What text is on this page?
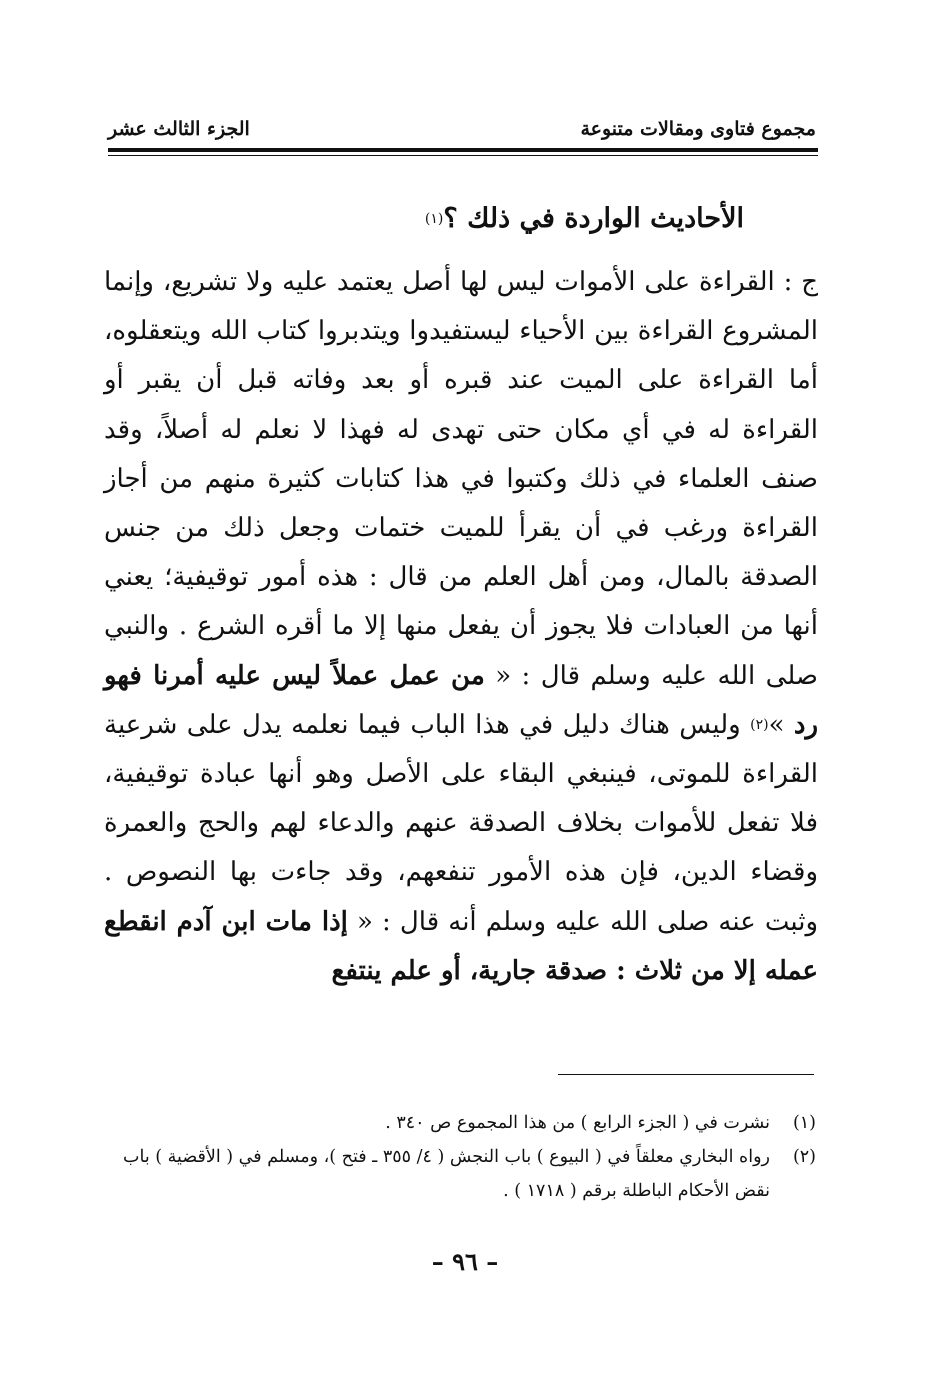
مجموع فتاوى ومقالات متنوعة
الجزء الثالث عشر
الأحاديث الواردة في ذلك ؟$^{(١)}$

ج : القراءة على الأموات ليس لها أصل يعتمد عليه ولا تشريع، وإنما المشروع القراءة بين الأحياء ليستفيدوا ويتدبروا كتاب الله ويتعقلوه، أما القراءة على الميت عند قبره أو بعد وفاته قبل أن يقبر أو القراءة له في أي مكان حتى تهدى له فهذا لا نعلم له أصلاً، وقد صنف العلماء في ذلك وكتبوا في هذا كتابات كثيرة منهم من أجاز القراءة ورغب في أن يقرأ للميت ختمات وجعل ذلك من جنس الصدقة بالمال، ومن أهل العلم من قال : هذه أمور توقيفية؛ يعني أنها من العبادات فلا يجوز أن يفعل منها إلا ما أقره الشرع . والنبي صلى الله عليه وسلم قال : « من عمل عملاً ليس عليه أمرنا فهو رد »$^{(٢)}$ وليس هناك دليل في هذا الباب فيما نعلمه يدل على شرعية القراءة للموتى، فينبغي البقاء على الأصل وهو أنها عبادة توقيفية، فلا تفعل للأموات بخلاف الصدقة عنهم والدعاء لهم والحج والعمرة وقضاء الدين، فإن هذه الأمور تنفعهم، وقد جاءت بها النصوص . وثبت عنه صلى الله عليه وسلم أنه قال : « إذا مات ابن آدم انقطع عمله إلا من ثلاث : صدقة جارية، أو علم ينتفع

(١)
نشرت في ( الجزء الرابع ) من هذا المجموع ص ٣٤٠ .
(٢)
رواه البخاري معلقاً في ( البيوع ) باب النجش ( ٤/ ٣٥٥ ـ فتح )، ومسلم في ( الأقضية ) باب نقض الأحكام الباطلة برقم ( ١٧١٨ ) .
– ٩٦ –
